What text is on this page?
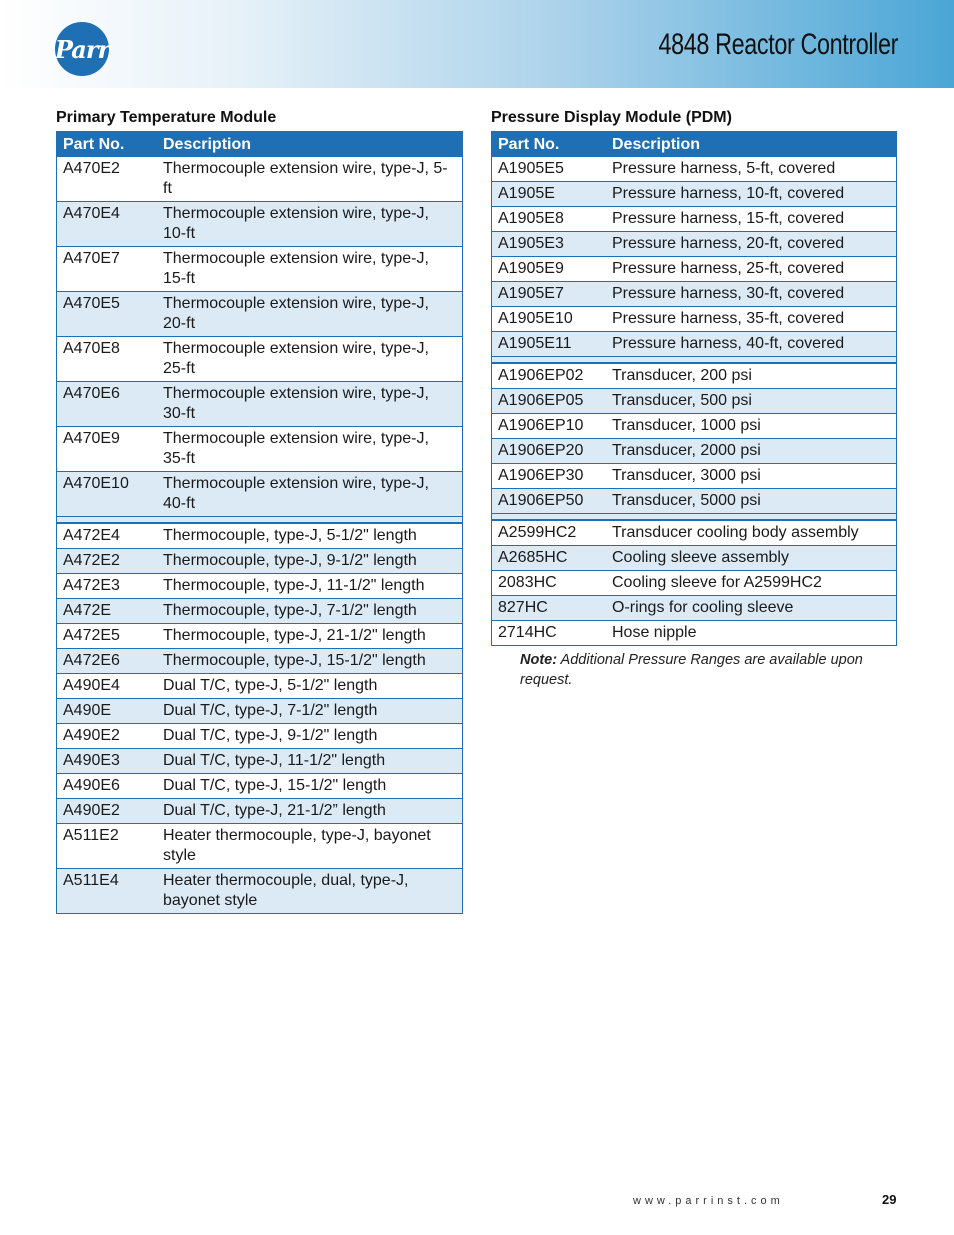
Parr	4848 Reactor Controller
Primary Temperature Module
Part No.	Description
A470E2	Thermocouple extension wire, type-J, 5-ft
A470E4	Thermocouple extension wire, type-J, 10-ft
A470E7	Thermocouple extension wire, type-J, 15-ft
A470E5	Thermocouple extension wire, type-J, 20-ft
A470E8	Thermocouple extension wire, type-J, 25-ft
A470E6	Thermocouple extension wire, type-J, 30-ft
A470E9	Thermocouple extension wire, type-J, 35-ft
A470E10	Thermocouple extension wire, type-J, 40-ft

A472E4	Thermocouple, type-J, 5-1/2" length
A472E2	Thermocouple, type-J, 9-1/2" length
A472E3	Thermocouple, type-J, 11-1/2" length
A472E	Thermocouple, type-J, 7-1/2" length
A472E5	Thermocouple, type-J, 21-1/2" length
A472E6	Thermocouple, type-J, 15-1/2" length
A490E4	Dual T/C, type-J, 5-1/2" length
A490E	Dual T/C, type-J, 7-1/2" length
A490E2	Dual T/C, type-J, 9-1/2" length
A490E3	Dual T/C, type-J, 11-1/2" length
A490E6	Dual T/C, type-J, 15-1/2" length
A490E2	Dual T/C, type-J, 21-1/2” length
A511E2	Heater thermocouple, type-J, bayonet style
A511E4	Heater thermocouple, dual, type-J, bayonet style
Pressure Display Module (PDM)
Part No.	Description
A1905E5	Pressure harness, 5-ft, covered
A1905E	Pressure harness, 10-ft, covered
A1905E8	Pressure harness, 15-ft, covered
A1905E3	Pressure harness, 20-ft, covered
A1905E9	Pressure harness, 25-ft, covered
A1905E7	Pressure harness, 30-ft, covered
A1905E10	Pressure harness, 35-ft, covered
A1905E11	Pressure harness, 40-ft, covered

A1906EP02	Transducer, 200 psi
A1906EP05	Transducer, 500 psi
A1906EP10	Transducer, 1000 psi
A1906EP20	Transducer, 2000 psi
A1906EP30	Transducer, 3000 psi
A1906EP50	Transducer, 5000 psi

A2599HC2	Transducer cooling body assembly
A2685HC	Cooling sleeve assembly
2083HC	Cooling sleeve for A2599HC2
827HC	O-rings for cooling sleeve
2714HC	Hose nipple
Note: Additional Pressure Ranges are available upon request.
www.parrinst.com	29
